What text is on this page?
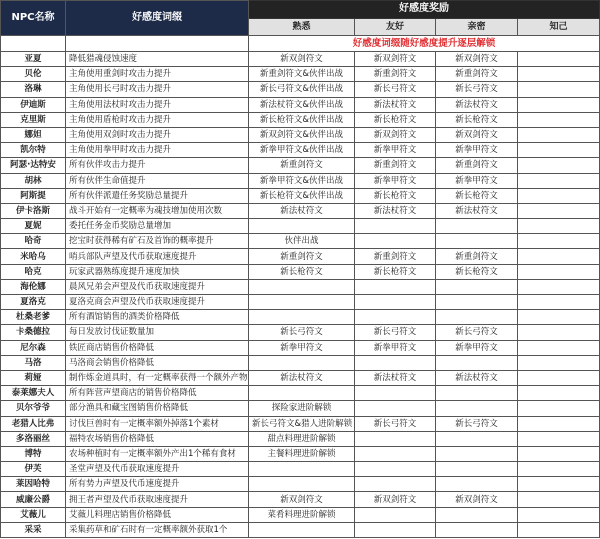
NPC名称	好感度词缀	好感度奖励			
		熟悉	友好	亲密	知己
		好感度词缀随好感度提升逐层解锁			
亚夏	降低猎魂侵蚀速度	新双剑符文	新双剑符文	新双剑符文	
贝伦	主角使用重剑时攻击力提升	新重剑符文&伙伴出战	新重剑符文	新重剑符文	
洛琳	主角使用长弓时攻击力提升	新长弓符文&伙伴出战	新长弓符文	新长弓符文	
伊迪斯	主角使用法杖时攻击力提升	新法杖符文&伙伴出战	新法杖符文	新法杖符文	
克里斯	主角使用盾枪时攻击力提升	新长枪符文&伙伴出战	新长枪符文	新长枪符文	
娜妲	主角使用双剑时攻击力提升	新双剑符文&伙伴出战	新双剑符文	新双剑符文	
凯尔特	主角使用拳甲时攻击力提升	新拳甲符文&伙伴出战	新拳甲符文	新拳甲符文	
阿瑟·达特安	所有伙伴攻击力提升	新重剑符文	新重剑符文	新重剑符文	
胡林	所有伙伴生命值提升	新拳甲符文&伙伴出战	新拳甲符文	新拳甲符文	
阿斯提	所有伙伴派遣任务奖励总量提升	新长枪符文&伙伴出战	新长枪符文	新长枪符文	
伊卡洛斯	战斗开始有一定概率为魂技增加使用次数	新法杖符文	新法杖符文	新法杖符文	
夏妮	委托任务金币奖励总量增加				
哈奇	挖宝时获得稀有矿石及首饰的概率提升	伙伴出战			
米哈乌	哨兵部队声望及代币获取速度提升	新重剑符文	新重剑符文	新重剑符文	
哈克	玩家武器熟练度提升速度加快	新长枪符文	新长枪符文	新长枪符文	
海伦娜	晨风兄弟会声望及代币获取速度提升				
夏洛克	夏洛克商会声望及代币获取速度提升				
杜桑老爹	所有酒馆销售的酒类价格降低				
卡桑德拉	每日发放讨伐证数量加	新长弓符文	新长弓符文	新长弓符文	
尼尔森	铁匠商店销售价格降低	新拳甲符文	新拳甲符文	新拳甲符文	
马洛	马洛商会销售价格降低				
莉娅	制作炼金道具时，有一定概率获得一个额外产物	新法杖符文	新法杖符文	新法杖符文	
泰莱娜夫人	所有阵营声望商店的销售价格降低				
贝尔爷爷	部分渔具和藏宝图销售价格降低	探险家进阶解锁			
老猎人比弗	讨伐巨兽时有一定概率额外掉落1个素材	新长弓符文&猎人进阶解锁	新长弓符文	新长弓符文	
多洛丽丝	福特农场销售价格降低	甜点料理进阶解锁			
博特	农场种植时有一定概率额外产出1个稀有食材	主餐料理进阶解锁			
伊芙	圣堂声望及代币获取速度提升				
莱因哈特	所有势力声望及代币速度提升				
威廉公爵	拥王者声望及代币获取速度提升	新双剑符文	新双剑符文	新双剑符文	
艾薇儿	艾薇儿料理店销售价格降低	菜肴料理进阶解锁			
采采	采集药草和矿石时有一定概率额外获取1个				
